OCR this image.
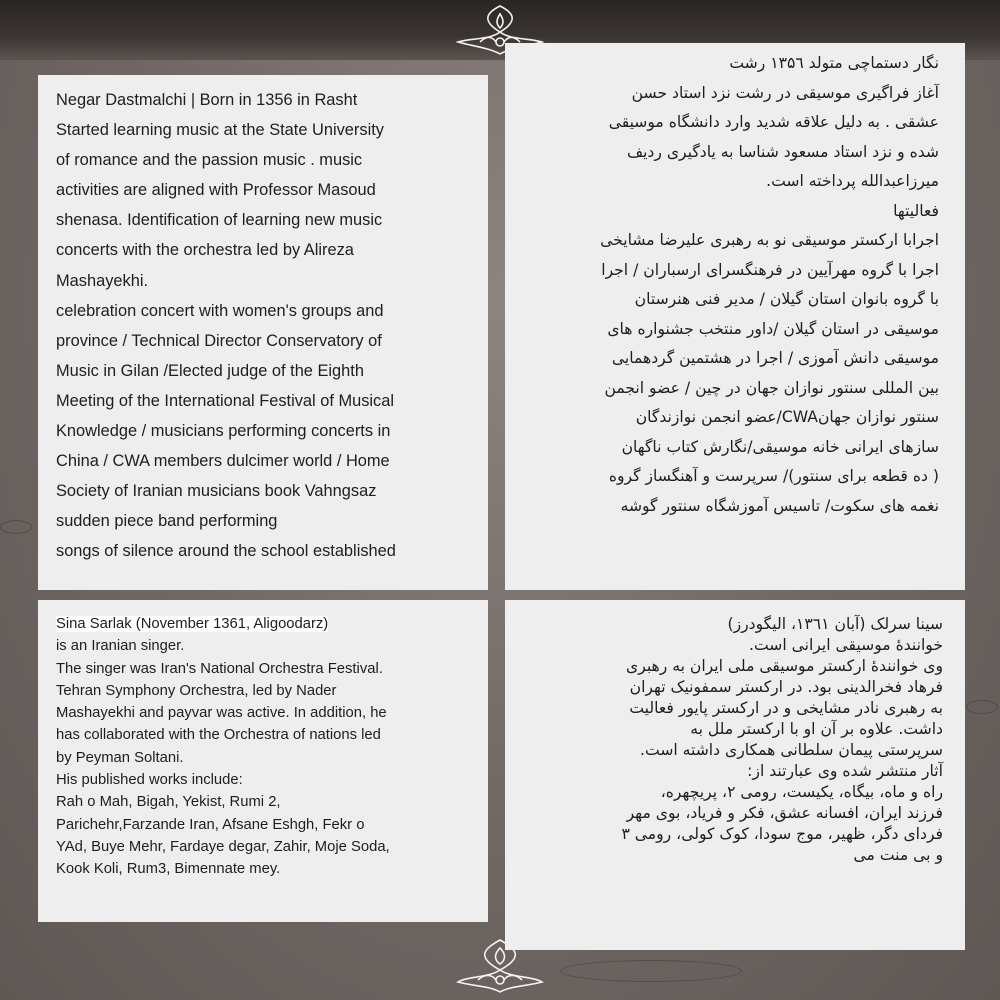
Negar Dastmalchi | Born in 1356 in Rasht
Started learning music at the State University
of romance and the passion music . music
activities are aligned with Professor Masoud
shenasa. Identification of learning new music
concerts with the orchestra led by Alireza
Mashayekhi.
celebration concert with women's groups and
province / Technical Director Conservatory of
Music in Gilan /Elected judge of the Eighth
Meeting of the International Festival of Musical
Knowledge / musicians performing concerts in
China / CWA members dulcimer world / Home
Society of Iranian musicians book Vahngsaz
sudden piece band performing
songs of silence around the school established
نگار دستماچی متولد ۱۳۵٦ رشت
آغاز فراگیری موسیقی در رشت نزد استاد حسن
عشقی . به دلیل علاقه شدید وارد دانشگاه موسیقی
شده و نزد استاد مسعود شناسا به یادگیری ردیف
میرزاعبدالله پرداخته است.
فعالیتها
اجرابا ارکستر موسیقی نو به رهبری علیرضا مشایخی
اجرا با گروه مهرآیین در فرهنگسرای ارسباران / اجرا
با گروه بانوان استان گیلان / مدیر فنی هنرستان
موسیقی در استان گیلان /داور منتخب جشنواره های
موسیقی دانش آموزی / اجرا در هشتمین گردهمایی
بین المللی سنتور نوازان جهان در چین / عضو انجمن
سنتور نوازان جهانCWA/عضو انجمن نوازندگان
سازهای ایرانی خانه موسیقی/نگارش کتاب ناگهان
( ده قطعه برای سنتور)/ سرپرست و آهنگساز گروه
نغمه های سکوت/ تاسیس آموزشگاه سنتور گوشه
Sina Sarlak (November 1361, Aligoodarz)
is an Iranian singer.
The singer was Iran's National Orchestra Festival.
Tehran Symphony Orchestra, led by Nader
Mashayekhi and payvar was active. In addition, he
has collaborated with the Orchestra of nations led
by Peyman Soltani.
His published works include:
Rah o Mah, Bigah, Yekist, Rumi 2,
Parichehr,Farzande Iran, Afsane Eshgh, Fekr o
YAd, Buye Mehr, Fardaye degar, Zahir, Moje Soda,
Kook Koli, Rum3, Bimennate mey.
سینا سرلک (آبان ۱۳٦۱، الیگودرز)
خوانندهٔ موسیقی ایرانی است.
وی خوانندهٔ ارکستر موسیقی ملی ایران به رهبری
فرهاد فخرالدینی بود. در ارکستر سمفونیک تهران
به رهبری نادر مشایخی و در ارکستر پایور فعالیت
داشت. علاوه بر آن او با ارکستر ملل به
سرپرستی پیمان سلطانی همکاری داشته است.
آثار منتشر شده وی عبارتند از:
راه و ماه، بیگاه، یکیست، رومی ۲، پریچهره،
فرزند ایران، افسانه عشق، فکر و فریاد، بوی مهر
فردای دگر، ظهیر، موج سودا، کوک کولی، رومی ۳
و بی منت می
